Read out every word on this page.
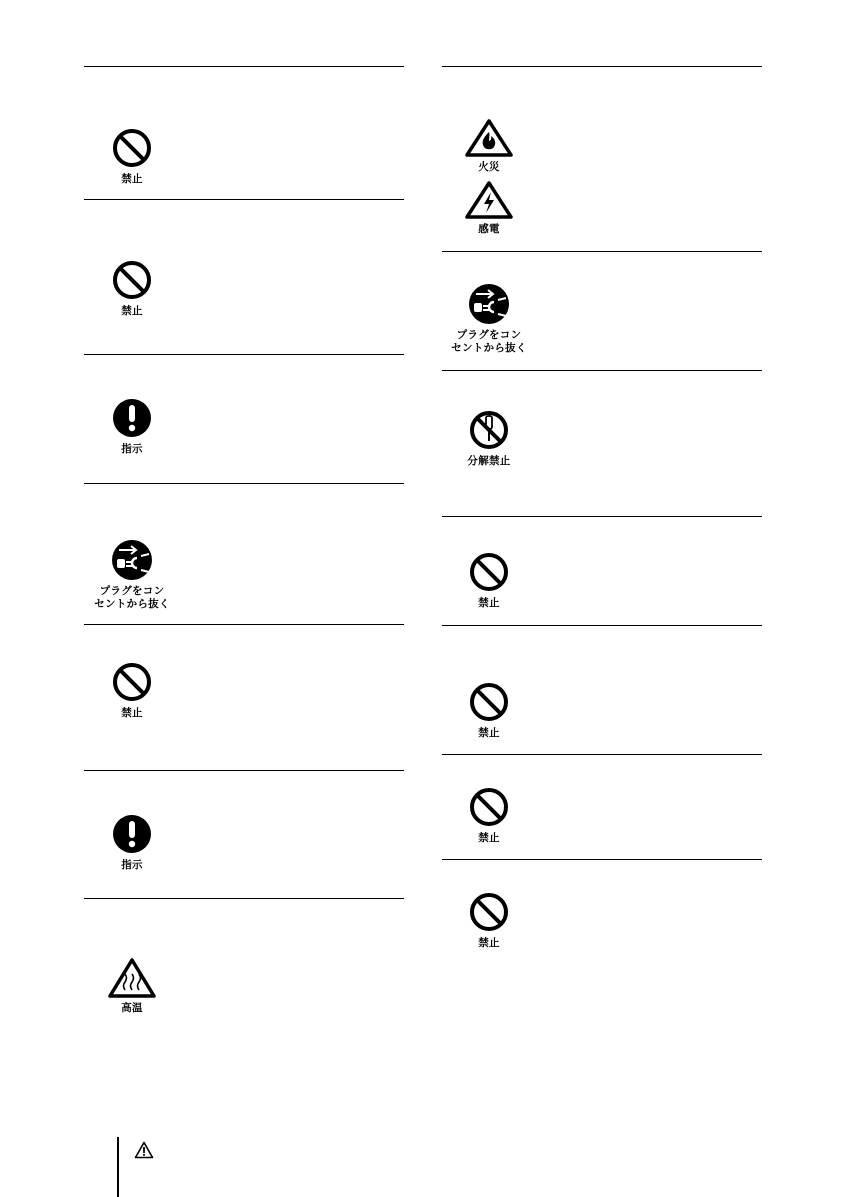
禁止
禁止
指示
プラグをコン
セントから抜く
禁止
指示
高温
火災
感電
プラグをコン
セントから抜く
分解禁止
禁止
禁止
禁止
禁止
